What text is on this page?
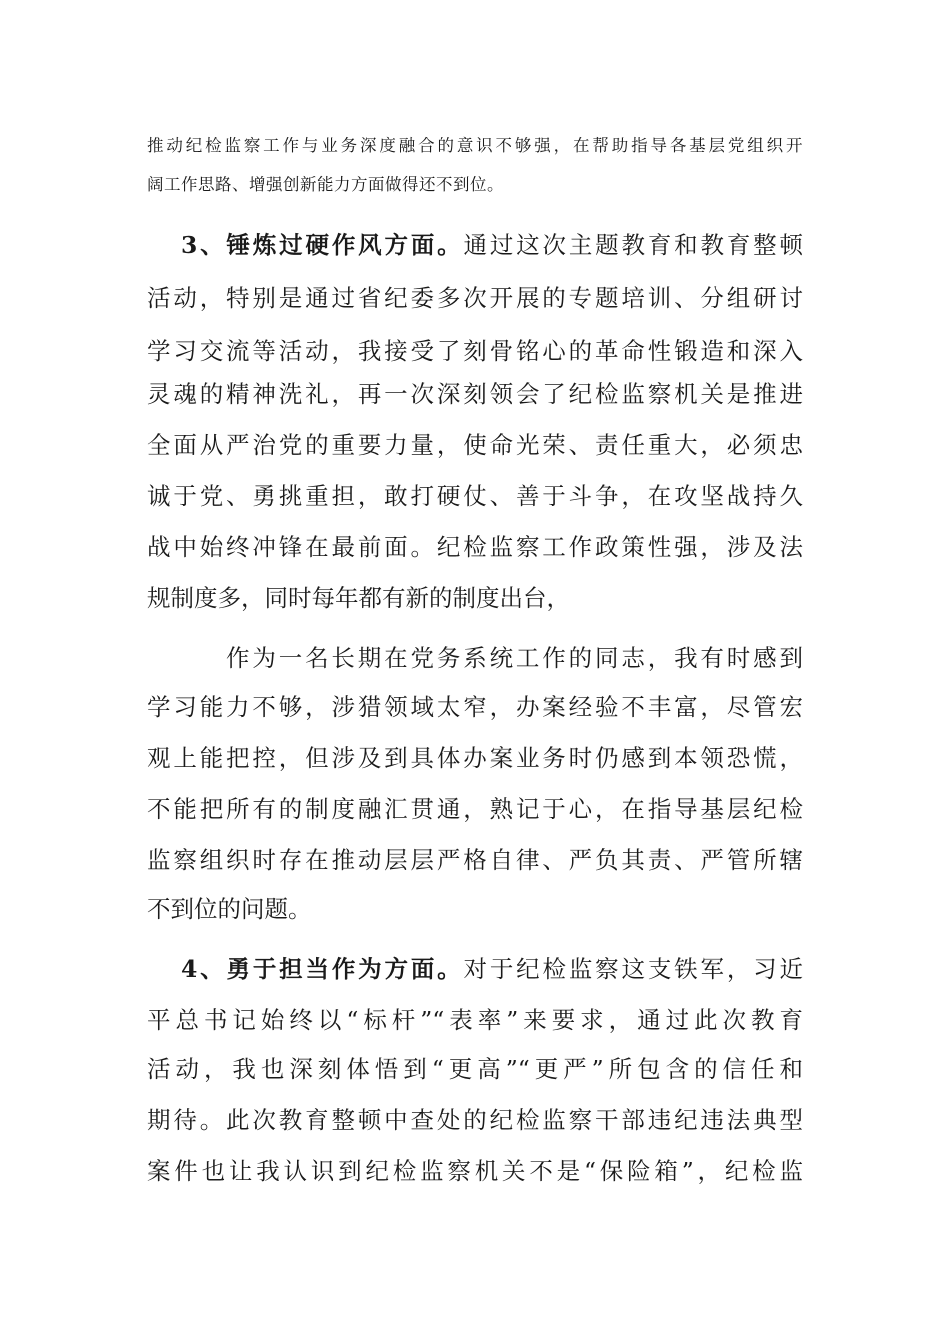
推动纪检监察工作与业务深度融合的意识不够强，在帮助指导各基层党组织开
阔工作思路、增强创新能力方面做得还不到位。
3、锤炼过硬作风方面。通过这次主题教育和教育整顿
活动，特别是通过省纪委多次开展的专题培训、分组研讨
学习交流等活动，我接受了刻骨铭心的革命性锻造和深入
灵魂的精神洗礼，再一次深刻领会了纪检监察机关是推进
全面从严治党的重要力量，使命光荣、责任重大，必须忠
诚于党、勇挑重担，敢打硬仗、善于斗争，在攻坚战持久
战中始终冲锋在最前面。纪检监察工作政策性强，涉及法
规制度多，同时每年都有新的制度出台，
作为一名长期在党务系统工作的同志，我有时感到
学习能力不够，涉猎领域太窄，办案经验不丰富，尽管宏
观上能把控，但涉及到具体办案业务时仍感到本领恐慌，
不能把所有的制度融汇贯通，熟记于心，在指导基层纪检
监察组织时存在推动层层严格自律、严负其责、严管所辖
不到位的问题。
4、勇于担当作为方面。对于纪检监察这支铁军，习近
平总书记始终以“标杆”“表率”来要求，通过此次教育
活动，我也深刻体悟到“更高”“更严”所包含的信任和
期待。此次教育整顿中查处的纪检监察干部违纪违法典型
案件也让我认识到纪检监察机关不是“保险箱”，纪检监
